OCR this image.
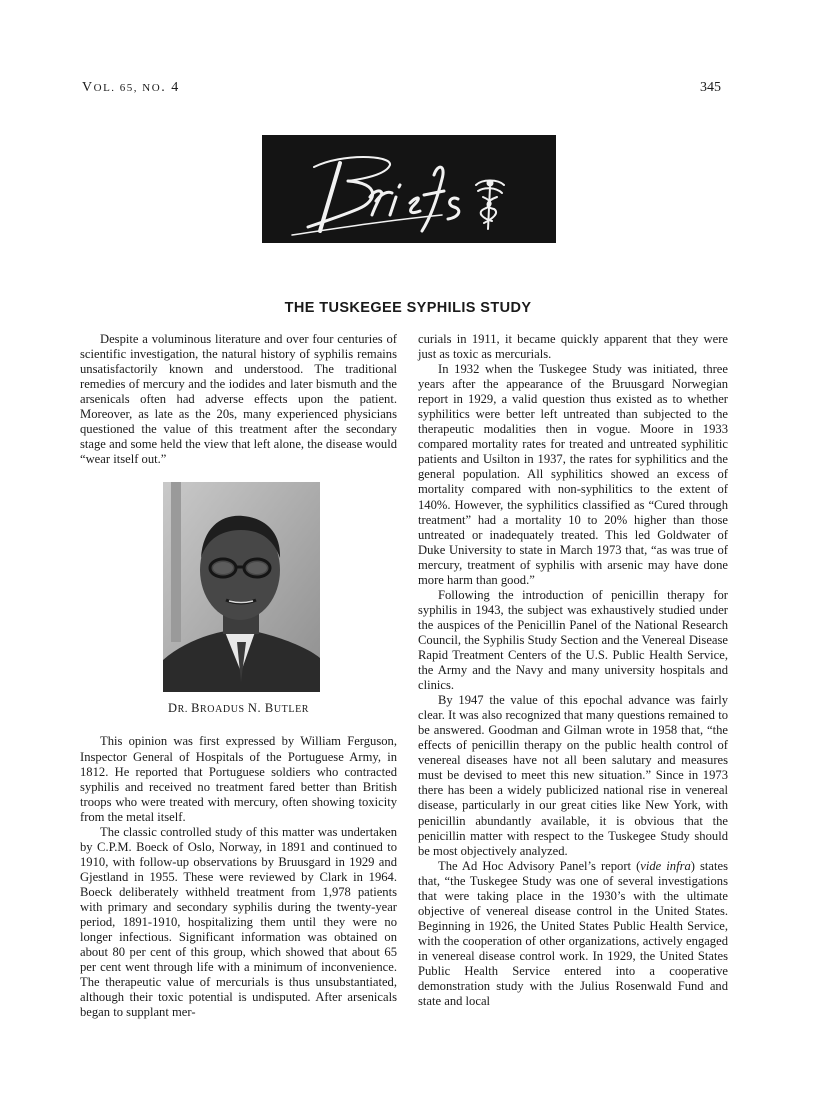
VOL. 65, NO. 4	345
THE TUSKEGEE SYPHILIS STUDY

Despite a voluminous literature and over four centuries of scientific investigation, the natural history of syphilis remains unsatisfactorily known and understood. The traditional remedies of mercury and the iodides and later bismuth and the arsenicals often had adverse effects upon the patient. Moreover, as late as the 20s, many experienced physicians questioned the value of this treatment after the secondary stage and some held the view that left alone, the disease would “wear itself out.”

DR. BROADUS N. BUTLER

This opinion was first expressed by William Ferguson, Inspector General of Hospitals of the Portuguese Army, in 1812. He reported that Portuguese soldiers who contracted syphilis and received no treatment fared better than British troops who were treated with mercury, often showing toxicity from the metal itself.

The classic controlled study of this matter was undertaken by C.P.M. Boeck of Oslo, Norway, in 1891 and continued to 1910, with follow-up observations by Bruusgard in 1929 and Gjestland in 1955. These were reviewed by Clark in 1964. Boeck deliberately withheld treatment from 1,978 patients with primary and secondary syphilis during the twenty-year period, 1891-1910, hospitalizing them until they were no longer infectious. Significant information was obtained on about 80 per cent of this group, which showed that about 65 per cent went through life with a minimum of inconvenience. The therapeutic value of mercurials is thus unsubstantiated, although their toxic potential is undisputed. After arsenicals began to supplant mer-

curials in 1911, it became quickly apparent that they were just as toxic as mercurials.

In 1932 when the Tuskegee Study was initiated, three years after the appearance of the Bruusgard Norwegian report in 1929, a valid question thus existed as to whether syphilitics were better left untreated than subjected to the therapeutic modalities then in vogue. Moore in 1933 compared mortality rates for treated and untreated syphilitic patients and Usilton in 1937, the rates for syphilitics and the general population. All syphilitics showed an excess of mortality compared with non-syphilitics to the extent of 140%. However, the syphilitics classified as “Cured through treatment” had a mortality 10 to 20% higher than those untreated or inadequately treated. This led Goldwater of Duke University to state in March 1973 that, “as was true of mercury, treatment of syphilis with arsenic may have done more harm than good.”

Following the introduction of penicillin therapy for syphilis in 1943, the subject was exhaustively studied under the auspices of the Penicillin Panel of the National Research Council, the Syphilis Study Section and the Venereal Disease Rapid Treatment Centers of the U.S. Public Health Service, the Army and the Navy and many university hospitals and clinics.

By 1947 the value of this epochal advance was fairly clear. It was also recognized that many questions remained to be answered. Goodman and Gilman wrote in 1958 that, “the effects of penicillin therapy on the public health control of venereal diseases have not all been salutary and measures must be devised to meet this new situation.” Since in 1973 there has been a widely publicized national rise in venereal disease, particularly in our great cities like New York, with penicillin abundantly available, it is obvious that the penicillin matter with respect to the Tuskegee Study should be most objectively analyzed.

The Ad Hoc Advisory Panel’s report (vide infra) states that, “the Tuskegee Study was one of several investigations that were taking place in the 1930’s with the ultimate objective of venereal disease control in the United States. Beginning in 1926, the United States Public Health Service, with the cooperation of other organizations, actively engaged in venereal disease control work. In 1929, the United States Public Health Service entered into a cooperative demonstration study with the Julius Rosenwald Fund and state and local
